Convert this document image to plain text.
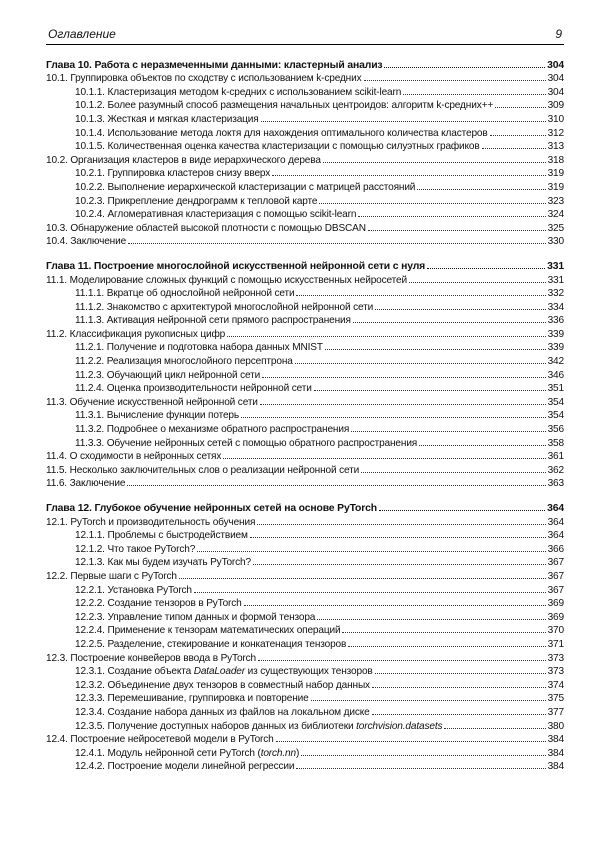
Оглавление	9
Глава 10. Работа с неразмеченными данными: кластерный анализ	304
10.1. Группировка объектов по сходству с использованием k-средних	304
10.1.1. Кластеризация методом k-средних с использованием scikit-learn	304
10.1.2. Более разумный способ размещения начальных центроидов: алгоритм k-средних++	309
10.1.3. Жесткая и мягкая кластеризация	310
10.1.4. Использование метода локтя для нахождения оптимального количества кластеров	312
10.1.5. Количественная оценка качества кластеризации с помощью силуэтных графиков	313
10.2. Организация кластеров в виде иерархического дерева	318
10.2.1. Группировка кластеров снизу вверх	319
10.2.2. Выполнение иерархической кластеризации с матрицей расстояний	319
10.2.3. Прикрепление дендрограмм к тепловой карте	323
10.2.4. Агломеративная кластеризация с помощью scikit-learn	324
10.3. Обнаружение областей высокой плотности с помощью DBSCAN	325
10.4. Заключение	330
Глава 11. Построение многослойной искусственной нейронной сети с нуля	331
11.1. Моделирование сложных функций с помощью искусственных нейросетей	331
11.1.1. Вкратце об однослойной нейронной сети	332
11.1.2. Знакомство с архитектурой многослойной нейронной сети	334
11.1.3. Активация нейронной сети прямого распространения	336
11.2. Классификация рукописных цифр	339
11.2.1. Получение и подготовка набора данных MNIST	339
11.2.2. Реализация многослойного персептрона	342
11.2.3. Обучающий цикл нейронной сети	346
11.2.4. Оценка производительности нейронной сети	351
11.3. Обучение искусственной нейронной сети	354
11.3.1. Вычисление функции потерь	354
11.3.2. Подробнее о механизме обратного распространения	356
11.3.3. Обучение нейронных сетей с помощью обратного распространения	358
11.4. О сходимости в нейронных сетях	361
11.5. Несколько заключительных слов о реализации нейронной сети	362
11.6. Заключение	363
Глава 12. Глубокое обучение нейронных сетей на основе PyTorch	364
12.1. PyTorch и производительность обучения	364
12.1.1. Проблемы с быстродействием	364
12.1.2. Что такое PyTorch?	366
12.1.3. Как мы будем изучать PyTorch?	367
12.2. Первые шаги с PyTorch	367
12.2.1. Установка PyTorch	367
12.2.2. Создание тензоров в PyTorch	369
12.2.3. Управление типом данных и формой тензора	369
12.2.4. Применение к тензорам математических операций	370
12.2.5. Разделение, стекирование и конкатенация тензоров	371
12.3. Построение конвейеров ввода в PyTorch	373
12.3.1. Создание объекта DataLoader из существующих тензоров	373
12.3.2. Объединение двух тензоров в совместный набор данных	374
12.3.3. Перемешивание, группировка и повторение	375
12.3.4. Создание набора данных из файлов на локальном диске	377
12.3.5. Получение доступных наборов данных из библиотеки torchvision.datasets	380
12.4. Построение нейросетевой модели в PyTorch	384
12.4.1. Модуль нейронной сети PyTorch (torch.nn)	384
12.4.2. Построение модели линейной регрессии	384
